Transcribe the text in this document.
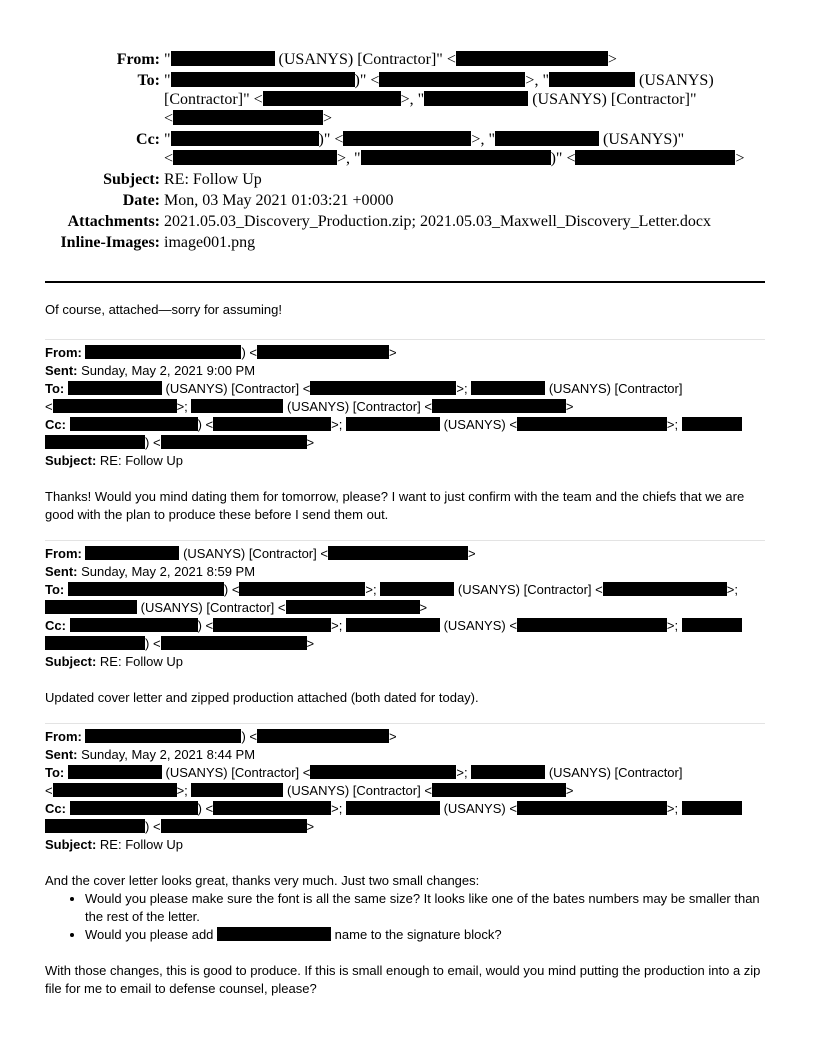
From: "	(USANYS) [Contractor]" <	>
To: "	)" <	>, "	(USANYS)
[Contractor]" <	>, "	(USANYS) [Contractor]"
<	>
Cc: "	)" <	>, "	(USANYS)"
<	>, "	)" <	>
Subject: RE: Follow Up
Date: Mon, 03 May 2021 01:03:21 +0000
Attachments: 2021.05.03_Discovery_Production.zip; 2021.05.03_Maxwell_Discovery_Letter.docx
Inline-Images: image001.png

Of course, attached—sorry for assuming!

From:	) <	>
Sent: Sunday, May 2, 2021 9:00 PM
To:	(USANYS) [Contractor] <	>;	(USANYS) [Contractor]
<	>;	(USANYS) [Contractor] <	>
Cc:	) <	>;	(USANYS) <	>;
) <	>
Subject: RE: Follow Up

Thanks! Would you mind dating them for tomorrow, please? I want to just confirm with the team and the chiefs that we are good with the plan to produce these before I send them out.

From:	(USANYS) [Contractor] <	>
Sent: Sunday, May 2, 2021 8:59 PM
To:	) <	>;	(USANYS) [Contractor] <	>;
(USANYS) [Contractor] <	>
Cc:	) <	>;	(USANYS) <	>;
) <	>
Subject: RE: Follow Up

Updated cover letter and zipped production attached (both dated for today).

From:	) <	>
Sent: Sunday, May 2, 2021 8:44 PM
To:	(USANYS) [Contractor] <	>;	(USANYS) [Contractor]
<	>;	(USANYS) [Contractor] <	>
Cc:	) <	>;	(USANYS) <	>;
) <	>
Subject: RE: Follow Up

And the cover letter looks great, thanks very much. Just two small changes:

• Would you please make sure the font is all the same size? It looks like one of the bates numbers may be smaller than the rest of the letter.
• Would you please add	name to the signature block?

With those changes, this is good to produce. If this is small enough to email, would you mind putting the production into a zip file for me to email to defense counsel, please?
